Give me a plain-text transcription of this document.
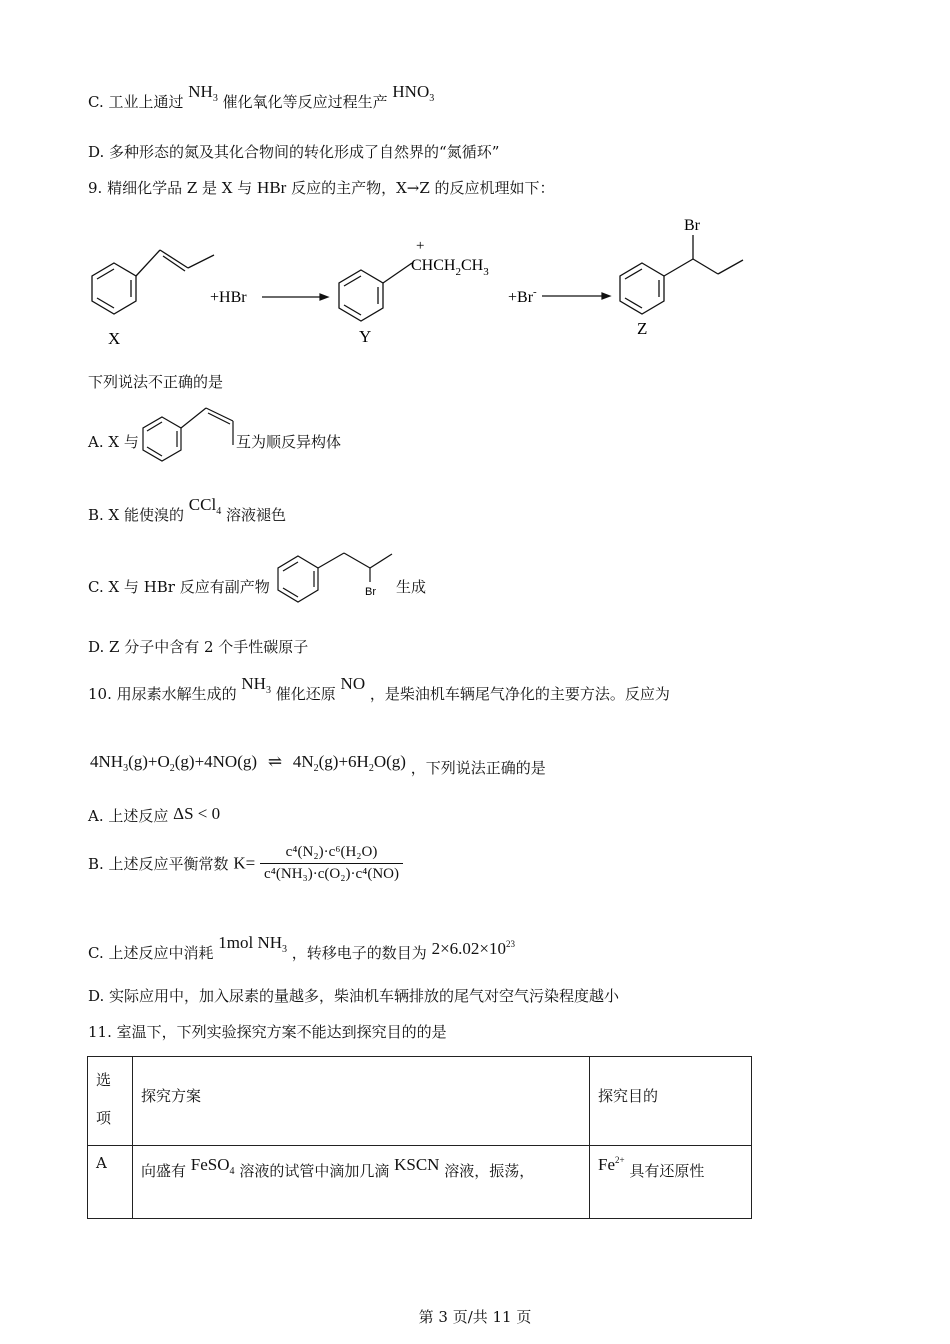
C. 工业上通过 $NH_3$ 催化氧化等反应过程生产 $HNO_3$
D. 多种形态的氮及其化合物间的转化形成了自然界的“氮循环”
9. 精细化学品 Z 是 X 与 HBr 反应的主产物，X→Z 的反应机理如下：
X
+HBr
+
$CHCH_2CH_3$
Y
+Br-
Br
Z
下列说法不正确的是
A. X 与	互为顺反异构体
B. X 能使溴的 CCl$_4$ 溶液褪色
C. X 与 HBr 反应有副产物	Br 生成
D. Z 分子中含有 2 个手性碳原子
10. 用尿素水解生成的 $NH_3$ 催化还原 NO ，是柴油机车辆尾气净化的主要方法。反应为
$4NH_3(g)+O_2(g)+4NO(g)$ ⇌ $4N_2(g)+6H_2O(g)$ ，下列说法正确的是
A. 上述反应 ΔS < 0
B. 上述反应平衡常数 $K= \frac{\text{c⁴(N₂)·c⁶(H₂O)}}{\text{c⁴(NH₃)·c(O₂)·c⁴(NO)}}$
C. 上述反应中消耗 1mol $NH_3$ ，转移电子的数目为 $2\times 6.02\times 10^{23}$
D. 实际应用中，加入尿素的量越多，柴油机车辆排放的尾气对空气污染程度越小
11. 室温下，下列实验探究方案不能达到探究目的的是
选项	探究方案	探究目的
A	向盛有 FeSO$_4$ 溶液的试管中滴加几滴 KSCN 溶液，振荡，	$Fe^{2+}$ 具有还原性
第 3 页/共 11 页
